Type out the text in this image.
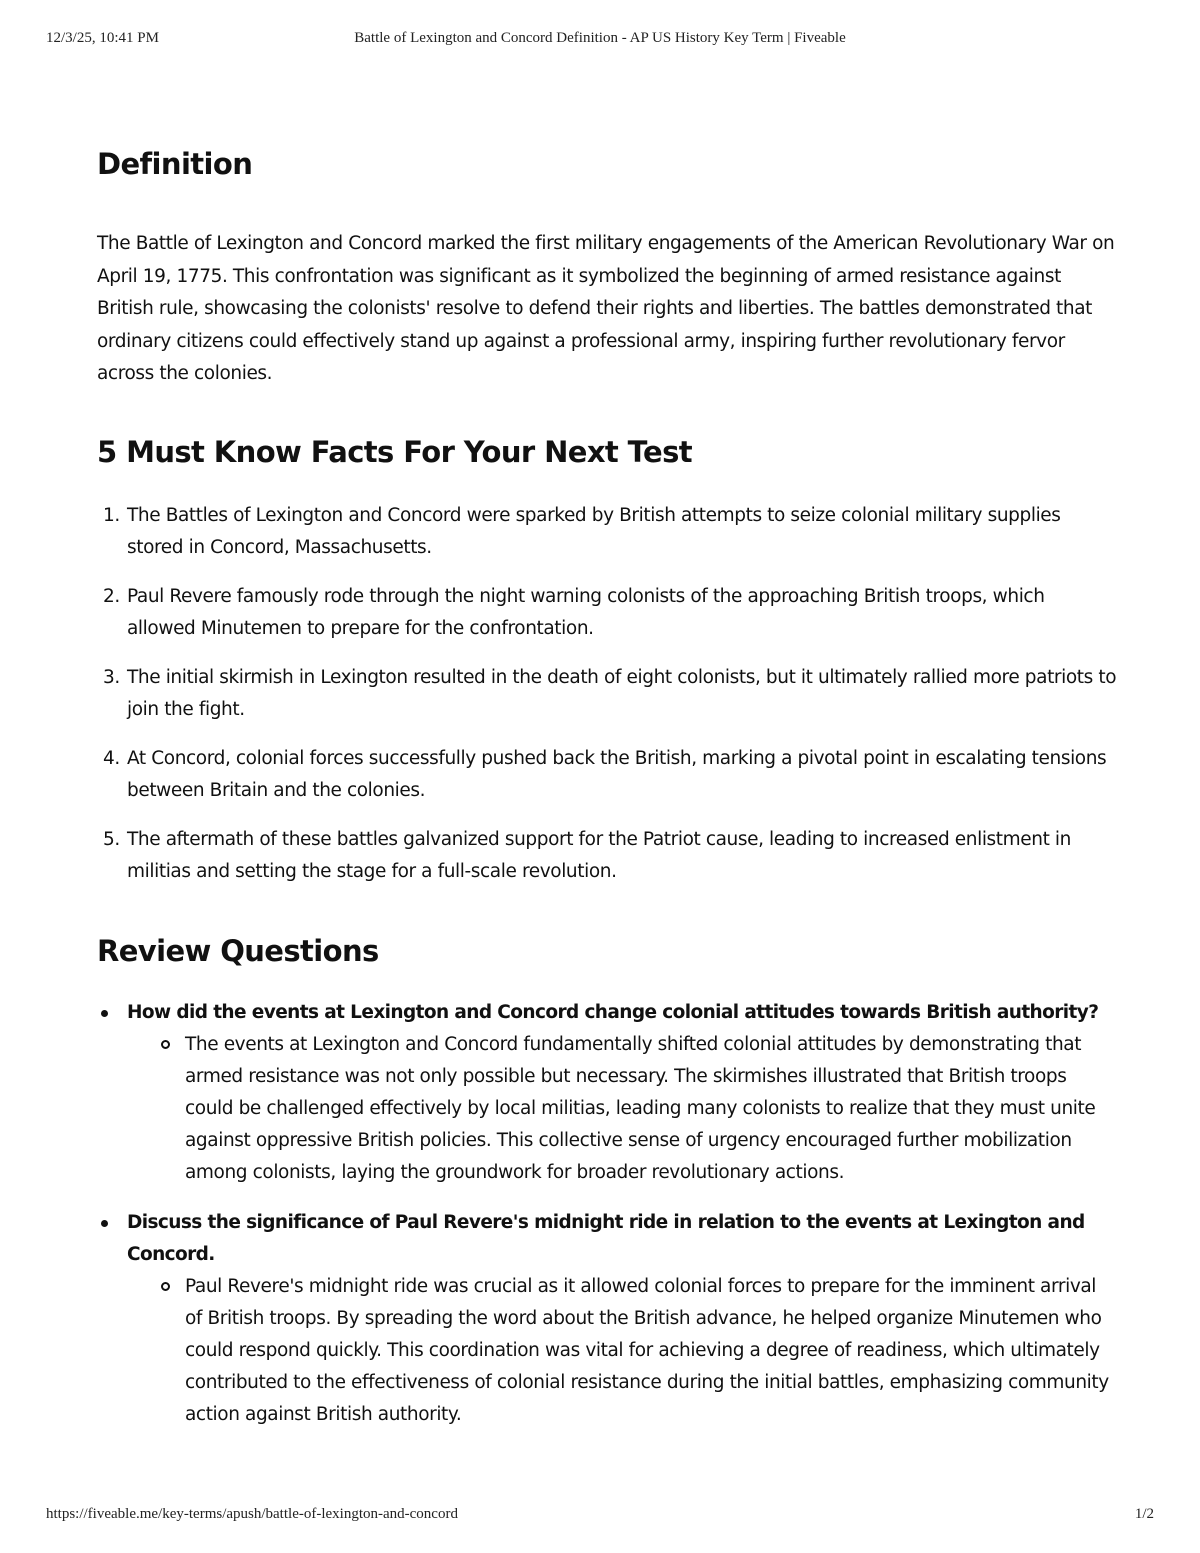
12/3/25, 10:41 PM	Battle of Lexington and Concord Definition - AP US History Key Term | Fiveable
Definition

The Battle of Lexington and Concord marked the first military engagements of the American Revolutionary War on April 19, 1775. This confrontation was significant as it symbolized the beginning of armed resistance against British rule, showcasing the colonists' resolve to defend their rights and liberties. The battles demonstrated that ordinary citizens could effectively stand up against a professional army, inspiring further revolutionary fervor across the colonies.

5 Must Know Facts For Your Next Test
1. The Battles of Lexington and Concord were sparked by British attempts to seize colonial military supplies stored in Concord, Massachusetts.
2. Paul Revere famously rode through the night warning colonists of the approaching British troops, which allowed Minutemen to prepare for the confrontation.
3. The initial skirmish in Lexington resulted in the death of eight colonists, but it ultimately rallied more patriots to join the fight.
4. At Concord, colonial forces successfully pushed back the British, marking a pivotal point in escalating tensions between Britain and the colonies.
5. The aftermath of these battles galvanized support for the Patriot cause, leading to increased enlistment in militias and setting the stage for a full-scale revolution.
Review Questions
How did the events at Lexington and Concord change colonial attitudes towards British authority?
The events at Lexington and Concord fundamentally shifted colonial attitudes by demonstrating that armed resistance was not only possible but necessary. The skirmishes illustrated that British troops could be challenged effectively by local militias, leading many colonists to realize that they must unite against oppressive British policies. This collective sense of urgency encouraged further mobilization among colonists, laying the groundwork for broader revolutionary actions.
Discuss the significance of Paul Revere's midnight ride in relation to the events at Lexington and Concord.
Paul Revere's midnight ride was crucial as it allowed colonial forces to prepare for the imminent arrival of British troops. By spreading the word about the British advance, he helped organize Minutemen who could respond quickly. This coordination was vital for achieving a degree of readiness, which ultimately contributed to the effectiveness of colonial resistance during the initial battles, emphasizing community action against British authority.
https://fiveable.me/key-terms/apush/battle-of-lexington-and-concord	1/2
